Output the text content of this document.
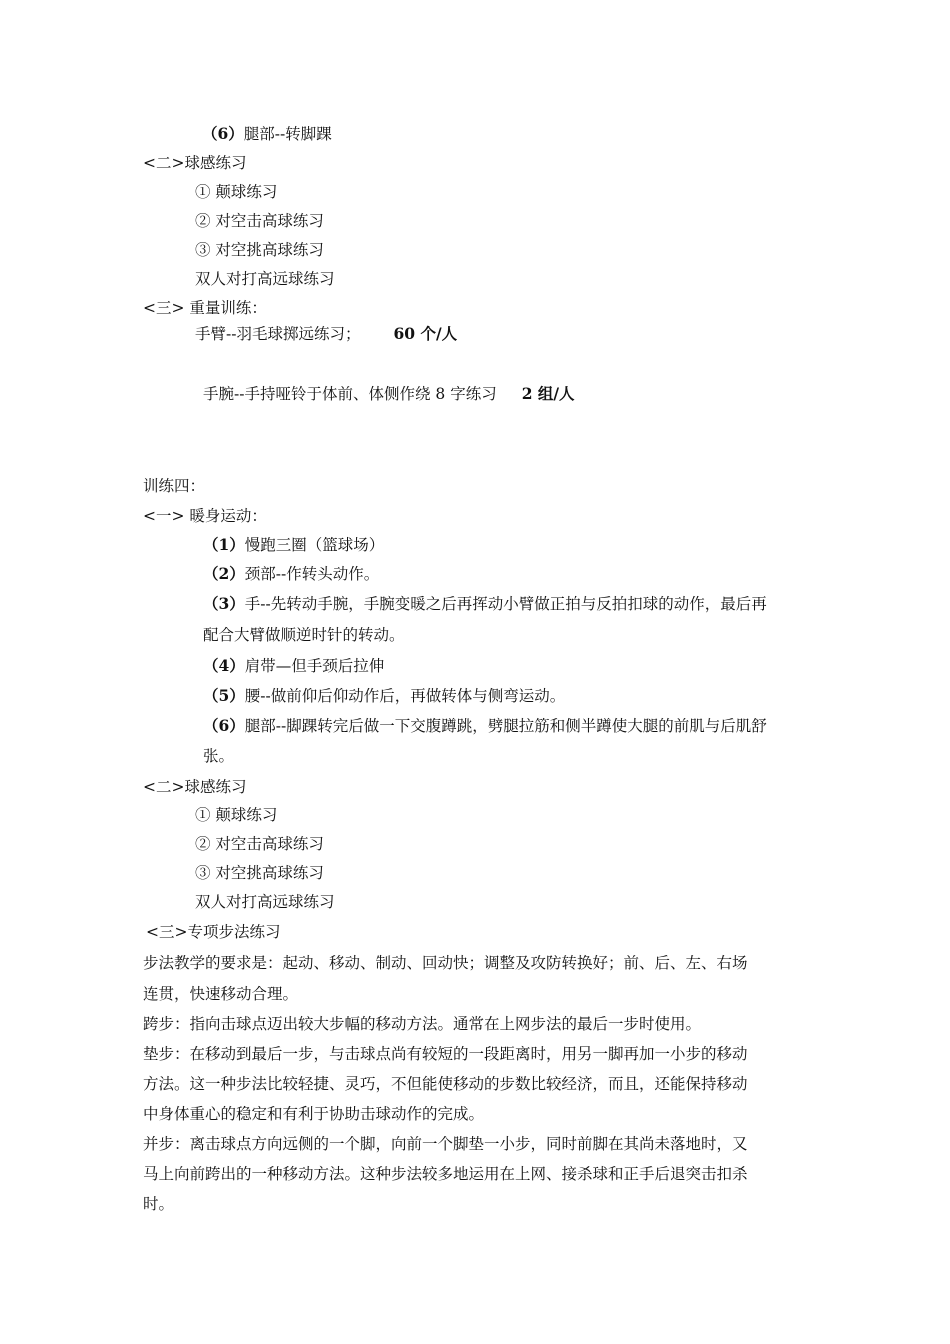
（6）腿部--转脚踝
<二>球感练习
① 颠球练习
② 对空击高球练习
③ 对空挑高球练习
双人对打高远球练习
<三> 重量训练：
手臂--羽毛球掷远练习； 60 个/人
手腕--手持哑铃于体前、体侧作绕 8 字练习 2 组/人
训练四：
<一> 暖身运动：
（1）慢跑三圈（篮球场）
（2）颈部--作转头动作。
（3）手--先转动手腕，手腕变暖之后再挥动小臂做正拍与反拍扣球的动作，最后再
配合大臂做顺逆时针的转动。
（4）肩带—但手颈后拉伸
（5）腰--做前仰后仰动作后，再做转体与侧弯运动。
（6）腿部--脚踝转完后做一下交腹蹲跳，劈腿拉筋和侧半蹲使大腿的前肌与后肌舒
张。
<二>球感练习
① 颠球练习
② 对空击高球练习
③ 对空挑高球练习
双人对打高远球练习
<三>专项步法练习
步法教学的要求是：起动、移动、制动、回动快；调整及攻防转换好；前、后、左、右场
连贯，快速移动合理。
跨步：指向击球点迈出较大步幅的移动方法。通常在上网步法的最后一步时使用。
垫步：在移动到最后一步，与击球点尚有较短的一段距离时，用另一脚再加一小步的移动
方法。这一种步法比较轻捷、灵巧，不但能使移动的步数比较经济，而且，还能保持移动
中身体重心的稳定和有利于协助击球动作的完成。
并步：离击球点方向远侧的一个脚，向前一个脚垫一小步，同时前脚在其尚未落地时，又
马上向前跨出的一种移动方法。这种步法较多地运用在上网、接杀球和正手后退突击扣杀
时。
